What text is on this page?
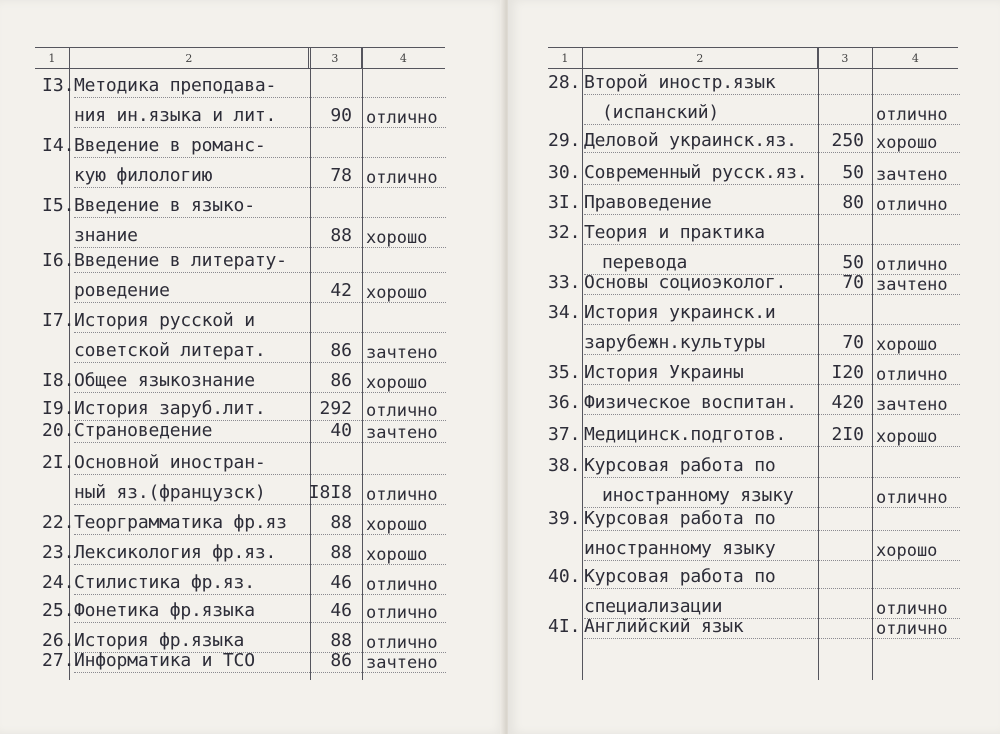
1	2	3	4
I3. Методика преподава-
ния ин.языка и лит.	90 отлично
I4. Введение в романс-
кую филологию	78 отлично
I5. Введение в языко-
знание	88 хорошо
I6. Введение в литерату-
роведение	42 хорошо
I7. История русской и
советской литерат.	86 зачтено
I8. Общее языкознание	86 хорошо
I9. История заруб.лит.	292 отлично
20. Страноведение	40 зачтено
2I. Основной иностран-
ный яз.(французск)	I8I8 отлично
22. Теорграмматика фр.яз	88 хорошо
23. Лексикология фр.яз.	88 хорошо
24. Стилистика фр.яз.	46 отлично
25. Фонетика фр.языка	46 отлично
26. История фр.языка	88 отлично
27. Информатика и ТСО	86 зачтено
1	2	3	4
28. Второй иностр.язык
(испанский)	отлично
29. Деловой украинск.яз.	250 хорошо
30. Современный русск.яз.	50 зачтено
3I. Правоведение	80 отлично
32. Теория и практика
перевода	50 отлично
33. Основы социоэколог.	70 зачтено
34. История украинск.и
зарубежн.культуры	70 хорошо
35. История Украины	I20 отлично
36. Физическое воспитан.	420 зачтено
37. Медицинск.подготов.	2I0 хорошо
38. Курсовая работа по
иностранному языку	отлично
39. Курсовая работа по
иностранному языку	хорошо
40. Курсовая работа по
специализации	отлично
4I. Английский язык	отлично
